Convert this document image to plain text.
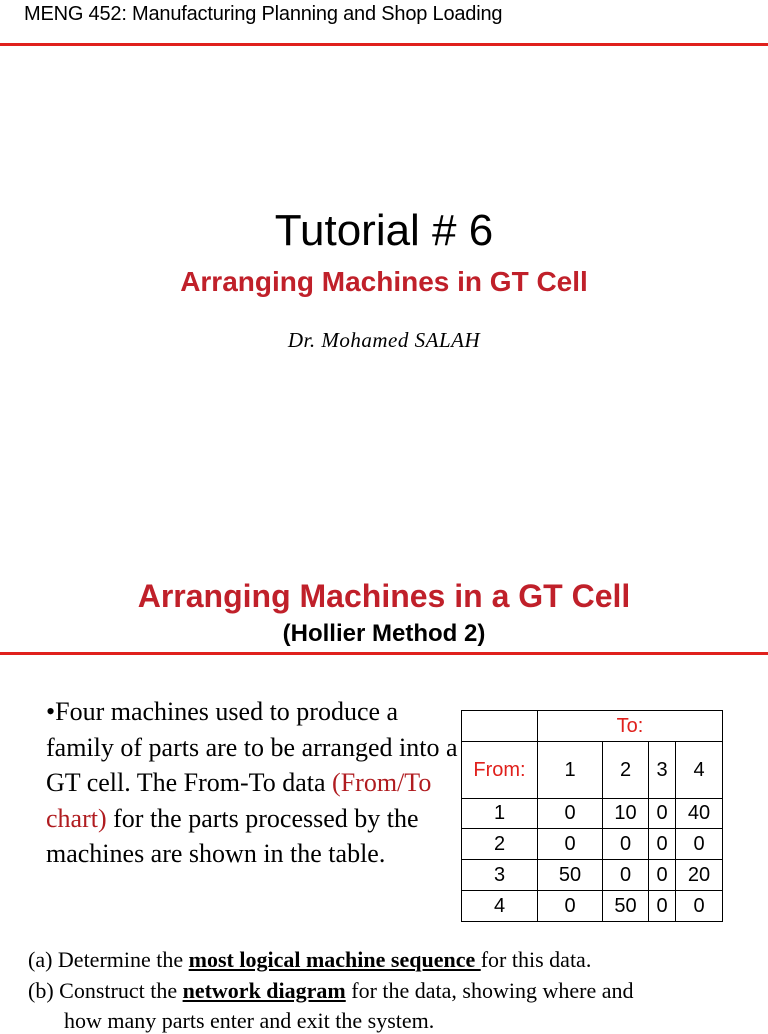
MENG 452: Manufacturing Planning and Shop Loading
Tutorial # 6
Arranging Machines in GT Cell
Dr. Mohamed SALAH
Arranging Machines in a GT Cell
(Hollier Method 2)
•Four machines used to produce a family of parts are to be arranged into a GT cell. The From-To data (From/To chart) for the parts processed by the machines are shown in the table.
	To:			
From:	1	2	3	4
1	0	10	0	40
2	0	0	0	0
3	50	0	0	20
4	0	50	0	0
(a) Determine the most logical machine sequence for this data.
(b) Construct the network diagram for the data, showing where and
how many parts enter and exit the system.
